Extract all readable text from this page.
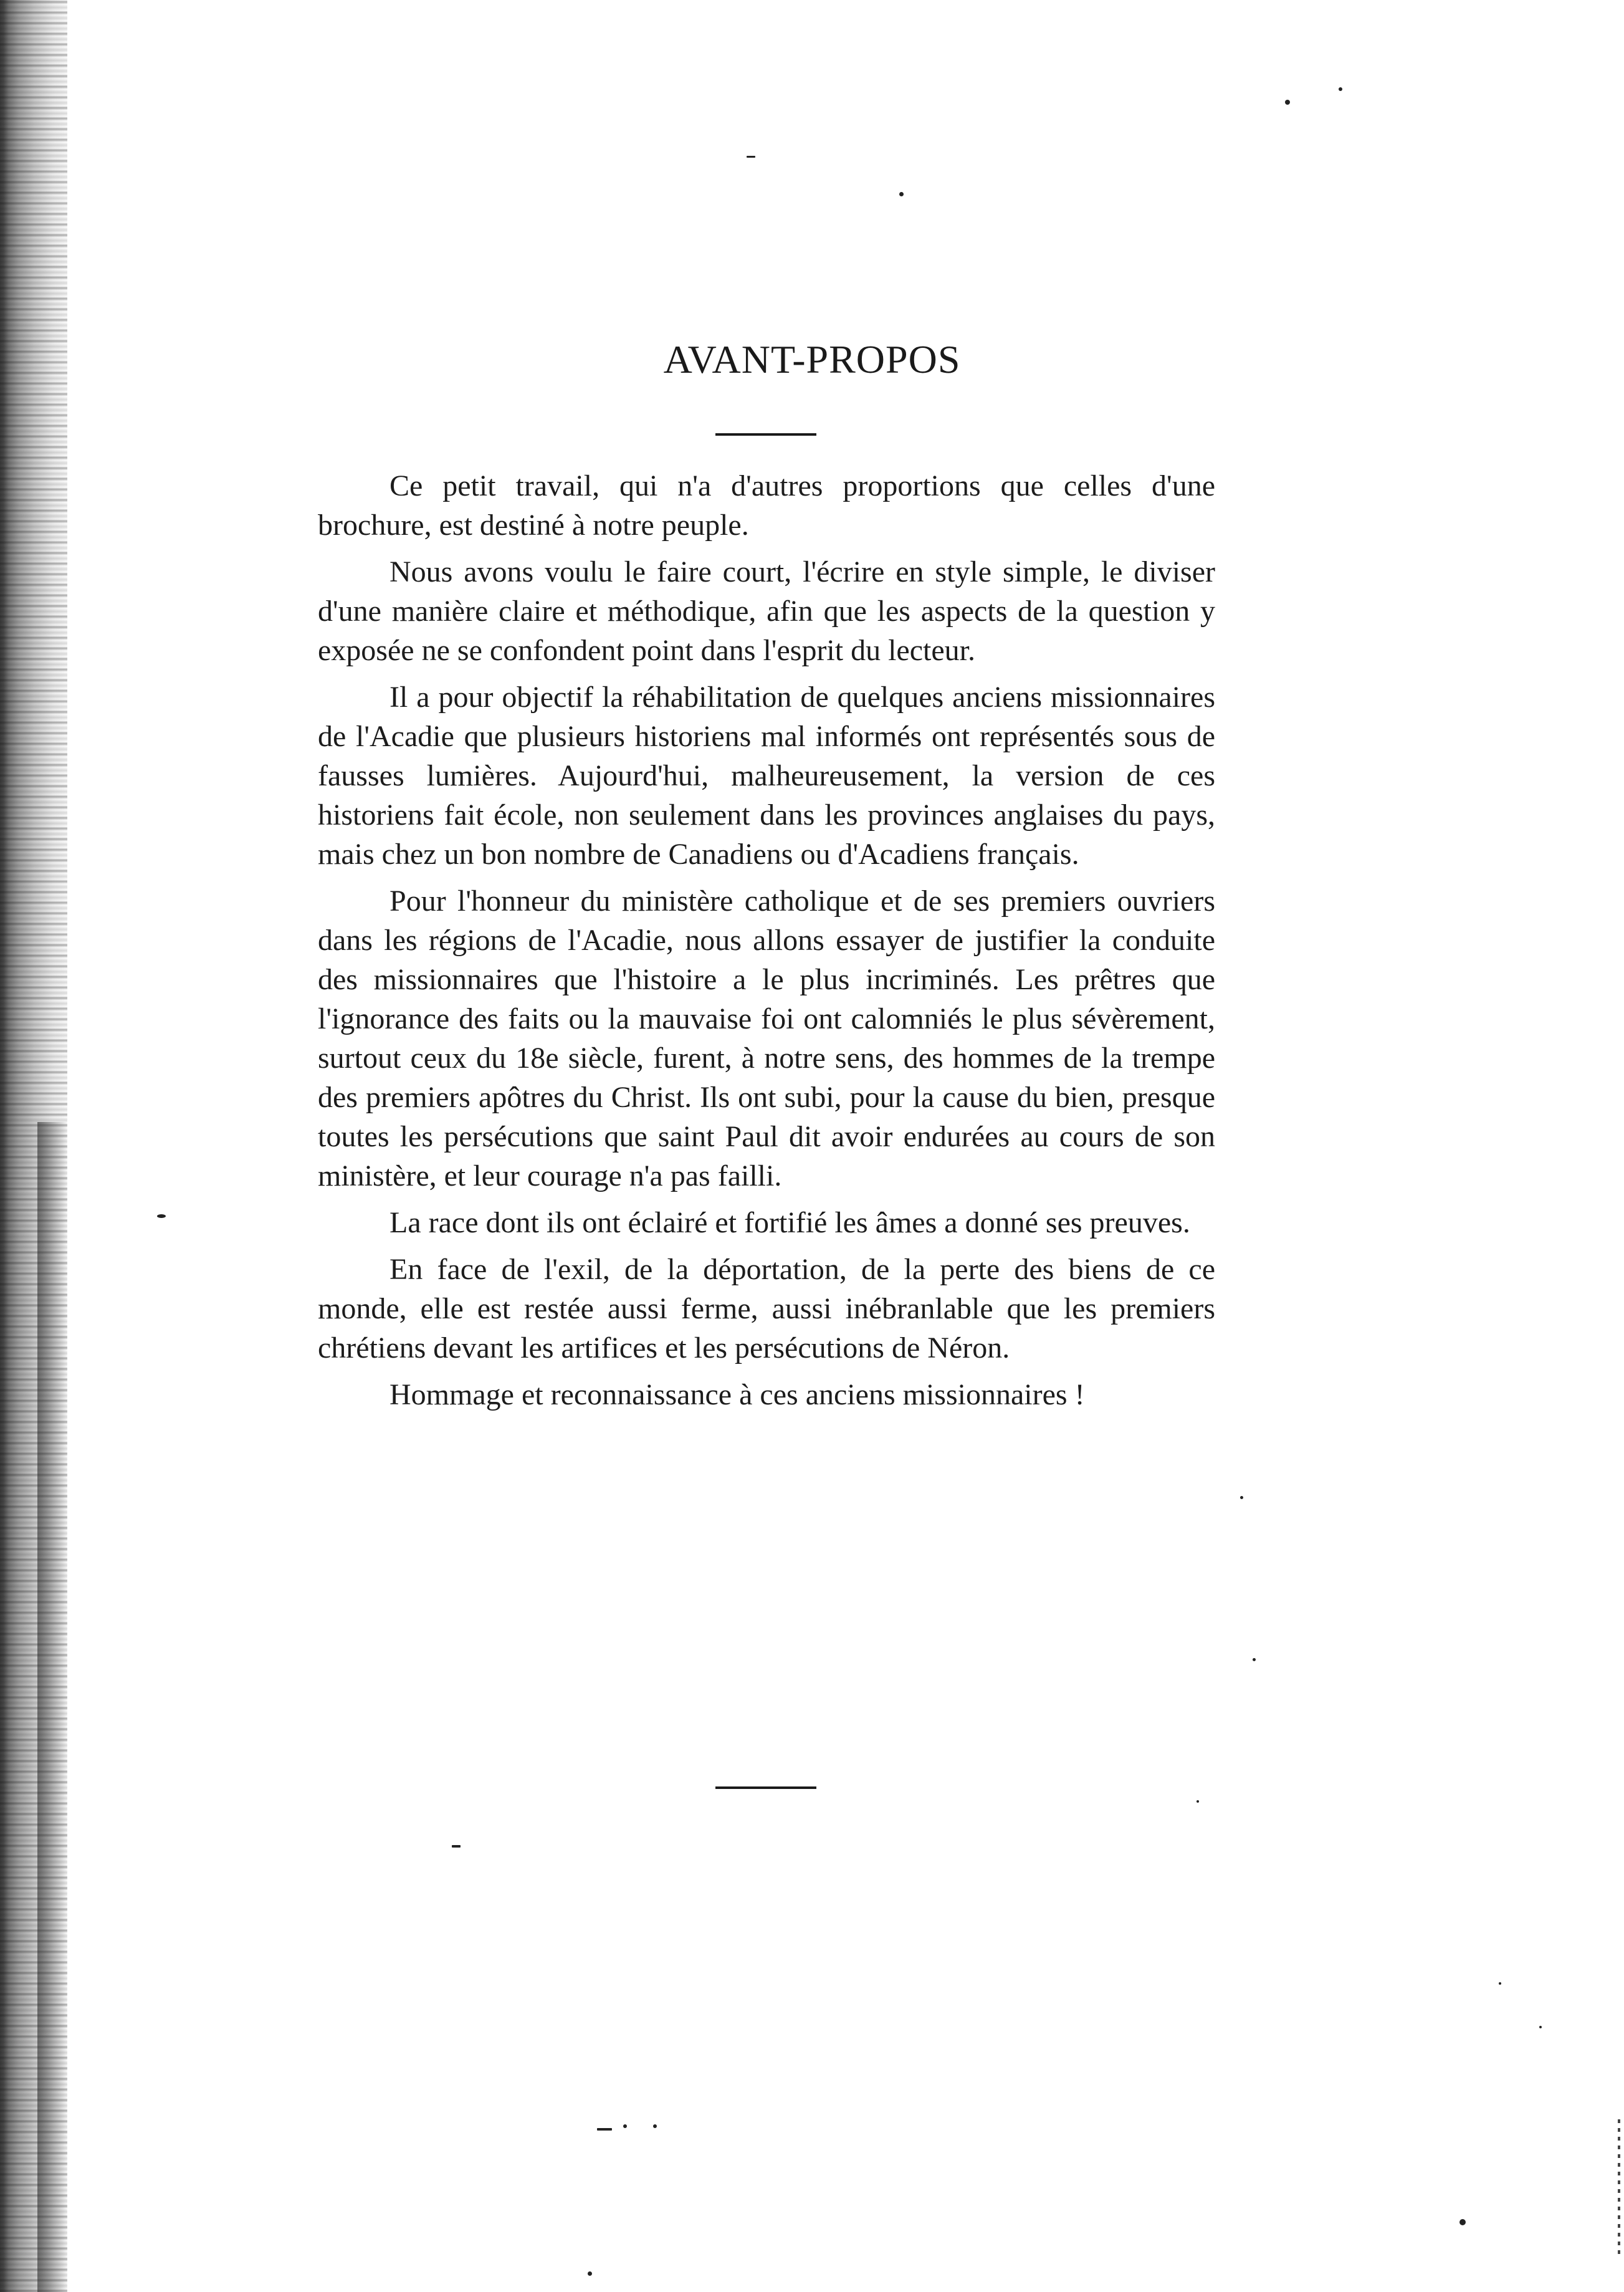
AVANT-PROPOS

Ce petit travail, qui n'a d'autres proportions que celles d'une brochure, est destiné à notre peuple.

Nous avons voulu le faire court, l'écrire en style simple, le diviser d'une manière claire et méthodique, afin que les aspects de la question y exposée ne se confondent point dans l'esprit du lecteur.

Il a pour objectif la réhabilitation de quelques anciens missionnaires de l'Acadie que plusieurs historiens mal informés ont représentés sous de fausses lumières. Aujourd'hui, malheureusement, la version de ces historiens fait école, non seulement dans les provinces anglaises du pays, mais chez un bon nombre de Canadiens ou d'Acadiens français.

Pour l'honneur du ministère catholique et de ses premiers ouvriers dans les régions de l'Acadie, nous allons essayer de justifier la conduite des missionnaires que l'histoire a le plus incriminés. Les prêtres que l'ignorance des faits ou la mauvaise foi ont calomniés le plus sévèrement, surtout ceux du 18e siècle, furent, à notre sens, des hommes de la trempe des premiers apôtres du Christ. Ils ont subi, pour la cause du bien, presque toutes les persécutions que saint Paul dit avoir endurées au cours de son ministère, et leur courage n'a pas failli.

La race dont ils ont éclairé et fortifié les âmes a donné ses preuves.

En face de l'exil, de la déportation, de la perte des biens de ce monde, elle est restée aussi ferme, aussi inébranlable que les premiers chrétiens devant les artifices et les persécutions de Néron.

Hommage et reconnaissance à ces anciens missionnaires !
